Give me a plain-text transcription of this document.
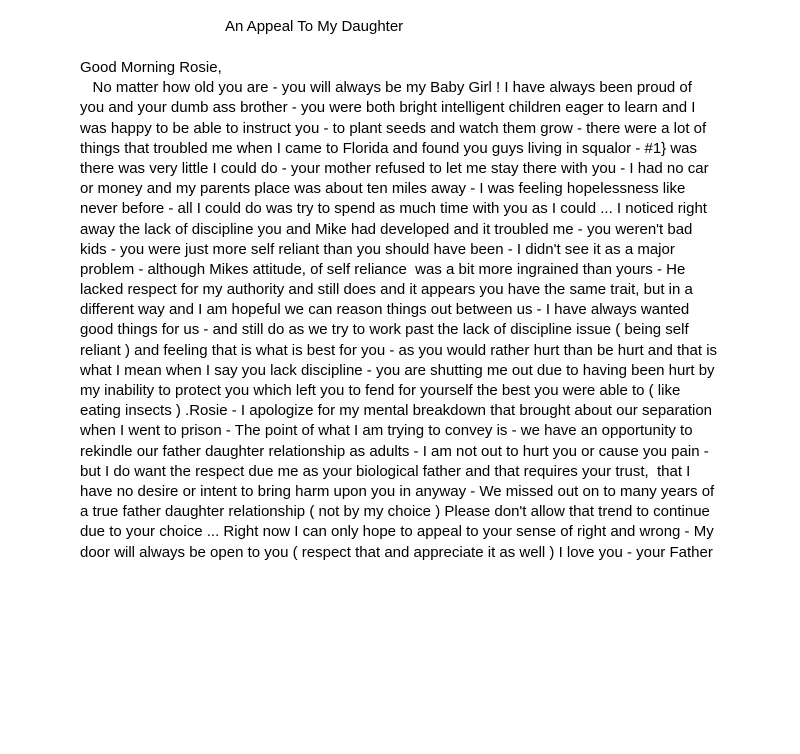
An Appeal To My Daughter
Good Morning Rosie,
No matter how old you are - you will always be my Baby Girl ! I have always been proud of
you and your dumb ass brother - you were both bright intelligent children eager to learn and I
was happy to be able to instruct you - to plant seeds and watch them grow - there were a lot of
things that troubled me when I came to Florida and found you guys living in squalor - #1} was
there was very little I could do - your mother refused to let me stay there with you - I had no car
or money and my parents place was about ten miles away - I was feeling hopelessness like
never before - all I could do was try to spend as much time with you as I could ... I noticed right
away the lack of discipline you and Mike had developed and it troubled me - you weren't bad
kids - you were just more self reliant than you should have been - I didn't see it as a major
problem - although Mikes attitude, of self reliance  was a bit more ingrained than yours - He
lacked respect for my authority and still does and it appears you have the same trait, but in a
different way and I am hopeful we can reason things out between us - I have always wanted
good things for us - and still do as we try to work past the lack of discipline issue ( being self
reliant ) and feeling that is what is best for you - as you would rather hurt than be hurt and that is
what I mean when I say you lack discipline - you are shutting me out due to having been hurt by
my inability to protect you which left you to fend for yourself the best you were able to ( like
eating insects ) .Rosie - I apologize for my mental breakdown that brought about our separation
when I went to prison - The point of what I am trying to convey is - we have an opportunity to
rekindle our father daughter relationship as adults - I am not out to hurt you or cause you pain -
but I do want the respect due me as your biological father and that requires your trust,  that I
have no desire or intent to bring harm upon you in anyway - We missed out on to many years of
a true father daughter relationship ( not by my choice ) Please don't allow that trend to continue
due to your choice ... Right now I can only hope to appeal to your sense of right and wrong - My
door will always be open to you ( respect that and appreciate it as well ) I love you - your Father
